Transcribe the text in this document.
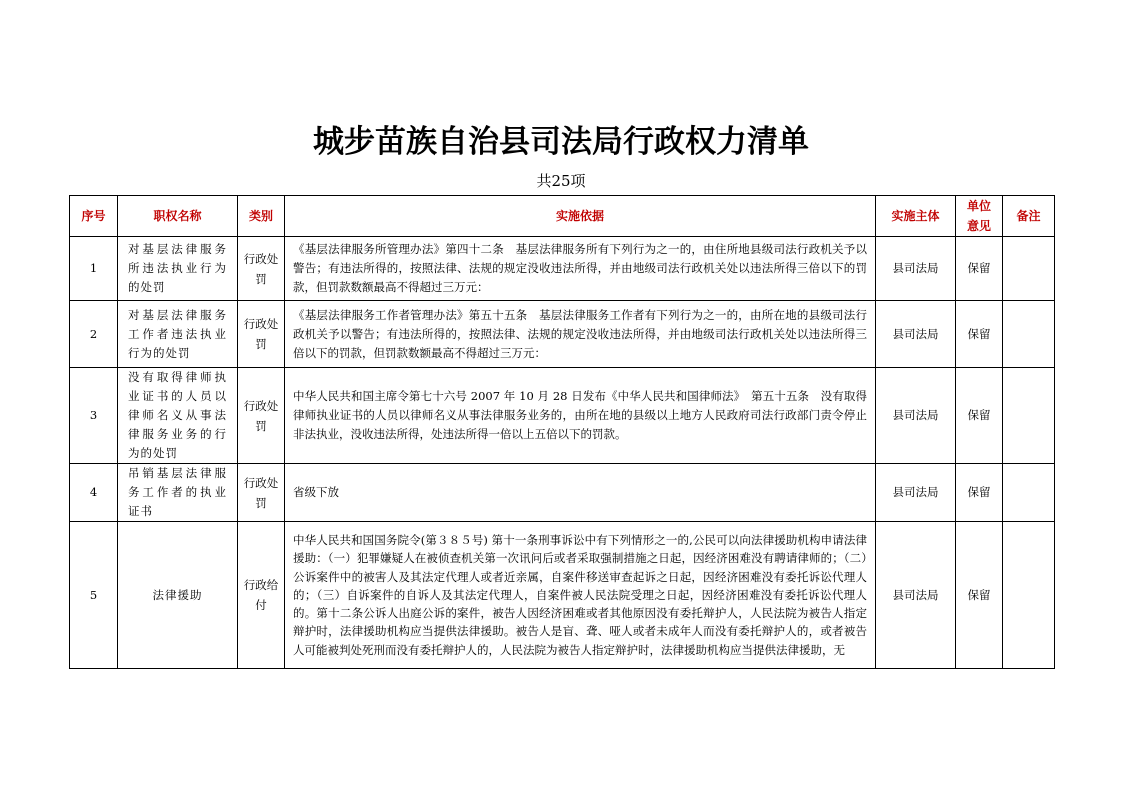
城步苗族自治县司法局行政权力清单
共25项
序号	职权名称	类别	实施依据	实施主体	单位意见	备注
1	对基层法律服务所违法执业行为的处罚	行政处罚	《基层法律服务所管理办法》第四十二条　基层法律服务所有下列行为之一的，由住所地县级司法行政机关予以警告；有违法所得的，按照法律、法规的规定没收违法所得，并由地级司法行政机关处以违法所得三倍以下的罚款，但罚款数额最高不得超过三万元：	县司法局	保留	
2	对基层法律服务工作者违法执业行为的处罚	行政处罚	《基层法律服务工作者管理办法》第五十五条　基层法律服务工作者有下列行为之一的，由所在地的县级司法行政机关予以警告；有违法所得的，按照法律、法规的规定没收违法所得，并由地级司法行政机关处以违法所得三倍以下的罚款，但罚款数额最高不得超过三万元：	县司法局	保留	
3	没有取得律师执业证书的人员以律师名义从事法律服务业务的行为的处罚	行政处罚	中华人民共和国主席令第七十六号 2007 年 10 月 28 日发布《中华人民共和国律师法》　第五十五条　没有取得律师执业证书的人员以律师名义从事法律服务业务的，由所在地的县级以上地方人民政府司法行政部门责令停止非法执业，没收违法所得，处违法所得一倍以上五倍以下的罚款。	县司法局	保留	
4	吊销基层法律服务工作者的执业证书	行政处罚	省级下放	县司法局	保留	
5	法律援助	行政给付	中华人民共和国国务院令(第３８５号) 第十一条刑事诉讼中有下列情形之一的,公民可以向法律援助机构申请法律援助：（一）犯罪嫌疑人在被侦查机关第一次讯问后或者采取强制措施之日起，因经济困难没有聘请律师的；（二）公诉案件中的被害人及其法定代理人或者近亲属，自案件移送审查起诉之日起，因经济困难没有委托诉讼代理人的；（三）自诉案件的自诉人及其法定代理人，自案件被人民法院受理之日起，因经济困难没有委托诉讼代理人的。第十二条公诉人出庭公诉的案件，被告人因经济困难或者其他原因没有委托辩护人，人民法院为被告人指定辩护时，法律援助机构应当提供法律援助。被告人是盲、聋、哑人或者未成年人而没有委托辩护人的，或者被告人可能被判处死刑而没有委托辩护人的，人民法院为被告人指定辩护时，法律援助机构应当提供法律援助，无	县司法局	保留	
